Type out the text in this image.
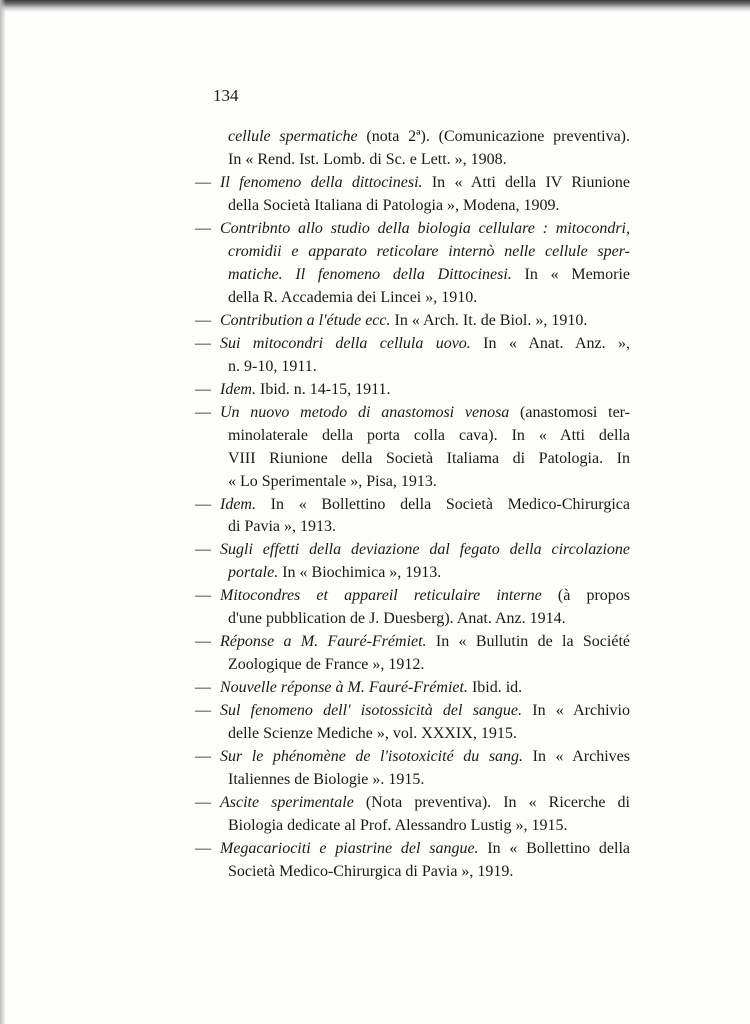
134
cellule spermatiche (nota 2ª). (Comunicazione preventiva).
In « Rend. Ist. Lomb. di Sc. e Lett. », 1908.
— Il fenomeno della dittocinesi. In « Atti della IV Riunione
della Società Italiana di Patologia », Modena, 1909.
— Contribnto allo studio della biologia cellulare : mitocondri,
cromidii e apparato reticolare internò nelle cellule sper-
matiche. Il fenomeno della Dittocinesi. In « Memorie
della R. Accademia dei Lincei », 1910.
— Contribution a l'étude ecc. In « Arch. It. de Biol. », 1910.
— Sui mitocondri della cellula uovo. In « Anat. Anz. »,
n. 9-10, 1911.
— Idem. Ibid. n. 14-15, 1911.
— Un nuovo metodo di anastomosi venosa (anastomosi ter-
minolaterale della porta colla cava). In « Atti della
VIII Riunione della Società Italiama di Patologia. In
« Lo Sperimentale », Pisa, 1913.
— Idem. In « Bollettino della Società Medico-Chirurgica
di Pavia », 1913.
— Sugli effetti della deviazione dal fegato della circolazione
portale. In « Biochimica », 1913.
— Mitocondres et appareil reticulaire interne (à propos
d'une pubblication de J. Duesberg). Anat. Anz. 1914.
— Réponse a M. Fauré-Frémiet. In « Bullutin de la Société
Zoologique de France », 1912.
— Nouvelle réponse à M. Fauré-Frémiet. Ibid. id.
— Sul fenomeno dell' isotossicità del sangue. In « Archivio
delle Scienze Mediche », vol. XXXIX, 1915.
— Sur le phénomène de l'isotoxicité du sang. In « Archives
Italiennes de Biologie ». 1915.
— Ascite sperimentale (Nota preventiva). In « Ricerche di
Biologia dedicate al Prof. Alessandro Lustig », 1915.
— Megacariociti e piastrine del sangue. In « Bollettino della
Società Medico-Chirurgica di Pavia », 1919.
